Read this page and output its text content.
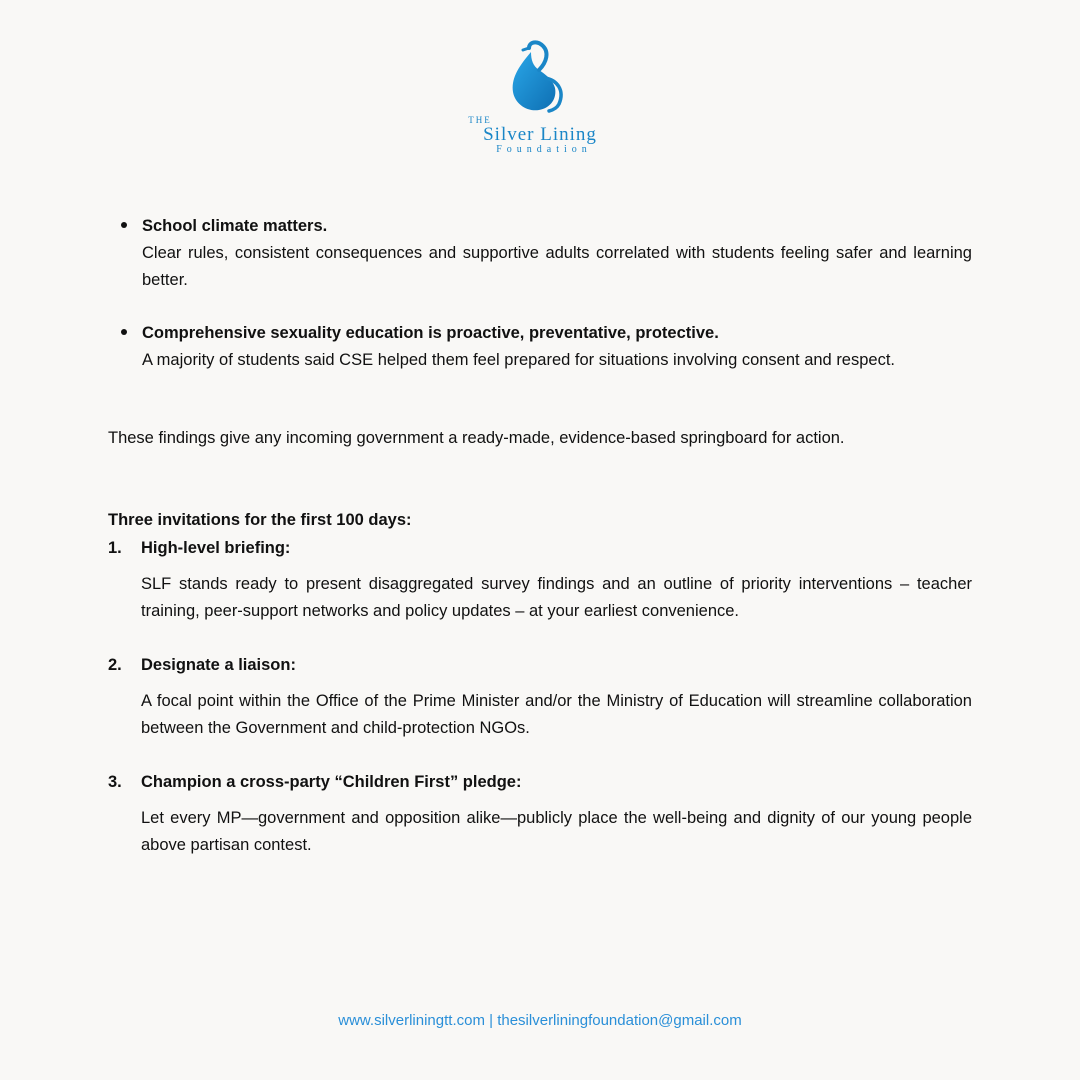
THE
Silver Lining
Foundation
School climate matters.
Clear rules, consistent consequences and supportive adults correlated with students feeling safer and learning better.
Comprehensive sexuality education is proactive, preventative, protective.
A majority of students said CSE helped them feel prepared for situations involving consent and respect.
These findings give any incoming government a ready-made, evidence-based springboard for action.
Three invitations for the first 100 days:
1. High-level briefing:
SLF stands ready to present disaggregated survey findings and an outline of priority interventions – teacher training, peer-support networks and policy updates – at your earliest convenience.
2. Designate a liaison:
A focal point within the Office of the Prime Minister and/or the Ministry of Education will streamline collaboration between the Government and child-protection NGOs.
3. Champion a cross-party “Children First” pledge:
Let every MP—government and opposition alike—publicly place the well-being and dignity of our young people above partisan contest.
www.silverliningtt.com | thesilverliningfoundation@gmail.com
